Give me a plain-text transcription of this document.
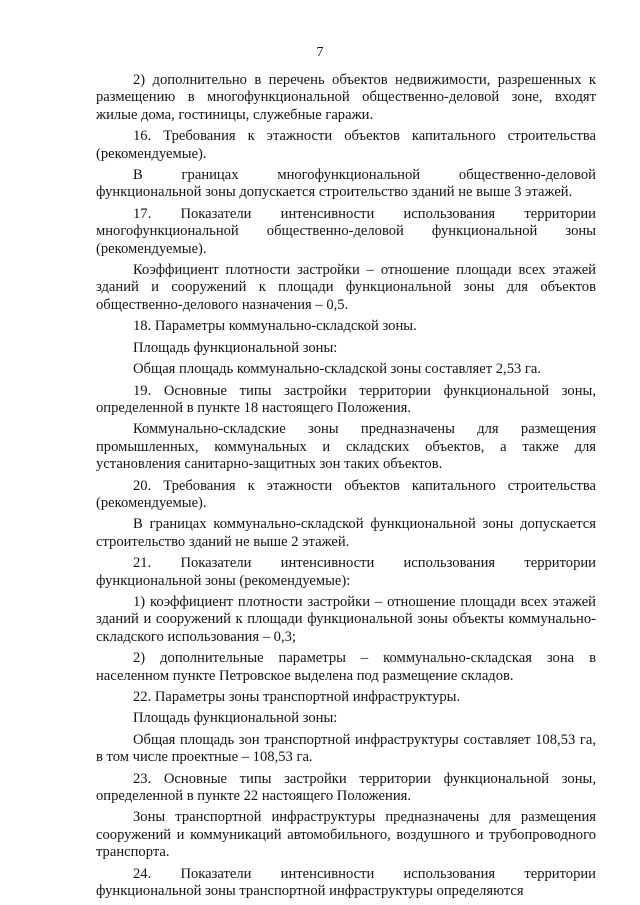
7

2) дополнительно в перечень объектов недвижимости, разрешенных к размещению в многофункциональной общественно-деловой зоне, входят жилые дома, гостиницы, служебные гаражи.

16. Требования к этажности объектов капитального строительства (рекомендуемые).

В границах многофункциональной общественно-деловой функциональной зоны допускается строительство зданий не выше 3 этажей.

17. Показатели интенсивности использования территории многофункциональной общественно-деловой функциональной зоны (рекомендуемые).

Коэффициент плотности застройки – отношение площади всех этажей зданий и сооружений к площади функциональной зоны для объектов общественно-делового назначения – 0,5.

18. Параметры коммунально-складской зоны.

Площадь функциональной зоны:

Общая площадь коммунально-складской зоны составляет 2,53 га.

19. Основные типы застройки территории функциональной зоны, определенной в пункте 18 настоящего Положения.

Коммунально-складские зоны предназначены для размещения промышленных, коммунальных и складских объектов, а также для установления санитарно-защитных зон таких объектов.

20. Требования к этажности объектов капитального строительства (рекомендуемые).

В границах коммунально-складской функциональной зоны допускается строительство зданий не выше 2 этажей.

21. Показатели интенсивности использования территории функциональной зоны (рекомендуемые):

1) коэффициент плотности застройки – отношение площади всех этажей зданий и сооружений к площади функциональной зоны объекты коммунально-складского использования – 0,3;

2) дополнительные параметры – коммунально-складская зона в населенном пункте Петровское выделена под размещение складов.

22. Параметры зоны транспортной инфраструктуры.

Площадь функциональной зоны:

Общая площадь зон транспортной инфраструктуры составляет 108,53 га, в том числе проектные – 108,53 га.

23. Основные типы застройки территории функциональной зоны, определенной в пункте 22 настоящего Положения.

Зоны транспортной инфраструктуры предназначены для размещения сооружений и коммуникаций автомобильного, воздушного и трубопроводного транспорта.

24. Показатели интенсивности использования территории функциональной зоны транспортной инфраструктуры определяются
